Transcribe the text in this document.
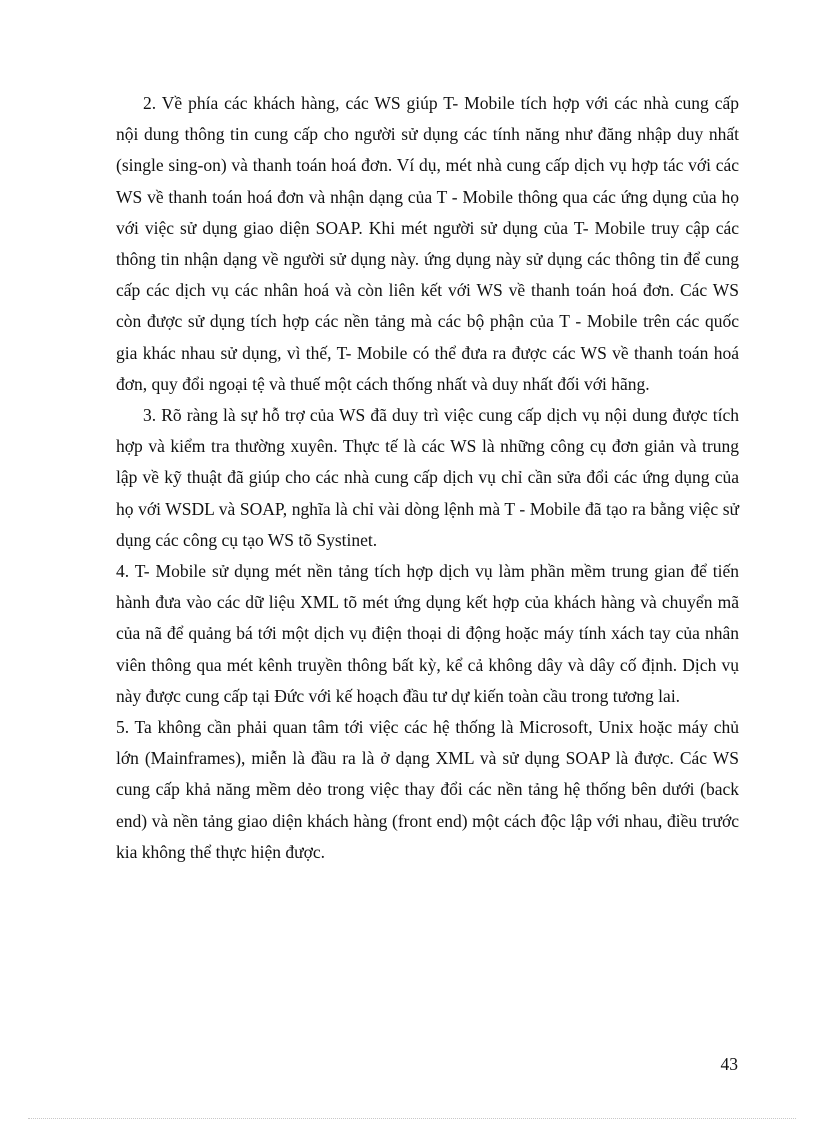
2. Về phía các khách hàng, các WS giúp T- Mobile tích hợp với các nhà cung cấp nội dung thông tin cung cấp cho người sử dụng các tính năng như đăng nhập duy nhất (single sing-on) và thanh toán hoá đơn. Ví dụ, mét nhà cung cấp dịch vụ hợp tác với các WS về thanh toán hoá đơn và nhận dạng của T - Mobile thông qua các ứng dụng của họ với việc sử dụng giao diện SOAP. Khi mét người sử dụng của T- Mobile truy cập các thông tin nhận dạng về người sử dụng này. ứng dụng này sử dụng các thông tin để cung cấp các dịch vụ các nhân hoá và còn liên kết với WS về thanh toán hoá đơn. Các WS còn được sử dụng tích hợp các nền tảng mà các bộ phận của T - Mobile trên các quốc gia khác nhau sử dụng, vì thế, T- Mobile có thể đưa ra được các WS về thanh toán hoá đơn, quy đổi ngoại tệ và thuế một cách thống nhất và duy nhất đối với hãng.

3. Rõ ràng là sự hỗ trợ của WS đã duy trì việc cung cấp dịch vụ nội dung được tích hợp và kiểm tra thường xuyên. Thực tế là các WS là những công cụ đơn giản và trung lập về kỹ thuật đã giúp cho các nhà cung cấp dịch vụ chỉ cần sửa đổi các ứng dụng của họ với WSDL và SOAP, nghĩa là chỉ vài dòng lệnh mà T - Mobile đã tạo ra bằng việc sử dụng các công cụ tạo WS tõ Systinet.

4. T- Mobile sử dụng mét nền tảng tích hợp dịch vụ làm phần mềm trung gian để tiến hành đưa vào các dữ liệu XML tõ mét ứng dụng kết hợp của khách hàng và chuyển mã của nã để quảng bá tới một dịch vụ điện thoại di động hoặc máy tính xách tay của nhân viên thông qua mét kênh truyền thông bất kỳ, kể cả không dây và dây cố định. Dịch vụ này được cung cấp tại Đức với kế hoạch đầu tư dự kiến toàn cầu trong tương lai.

5. Ta không cần phải quan tâm tới việc các hệ thống là Microsoft, Unix hoặc máy chủ lớn (Mainframes), miễn là đầu ra là ở dạng XML và sử dụng SOAP là được. Các WS cung cấp khả năng mềm dẻo trong việc thay đổi các nền tảng hệ thống bên dưới (back end) và nền tảng giao diện khách hàng (front end) một cách độc lập với nhau, điều trước kia không thể thực hiện được.

43
